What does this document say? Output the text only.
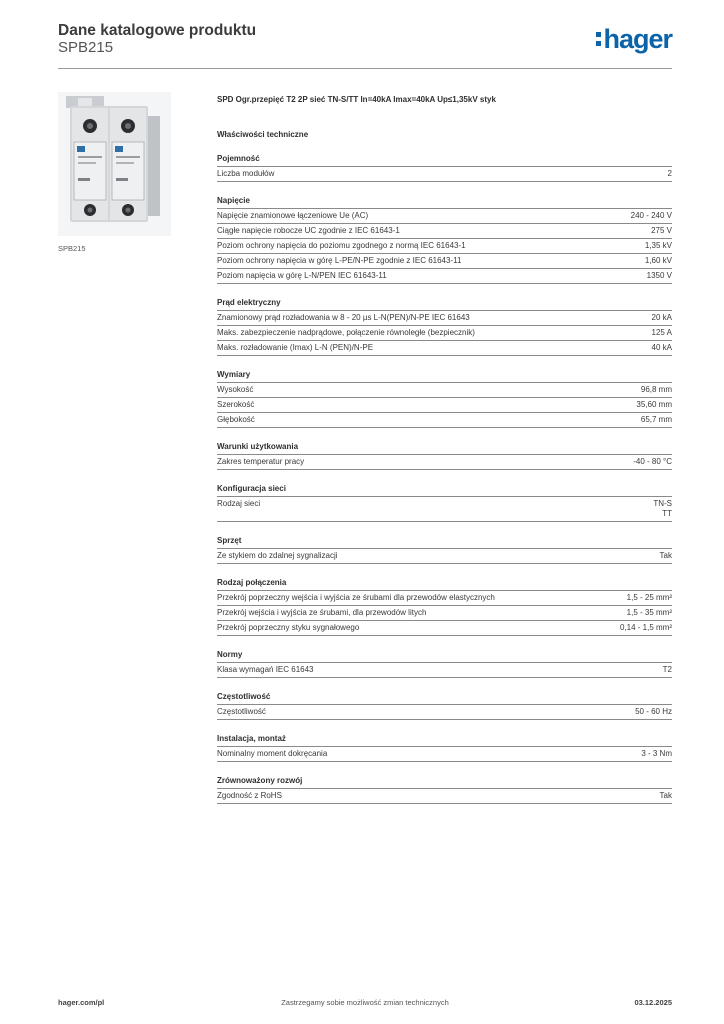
Dane katalogowe produktu
SPB215	hager
SPB215
SPD Ogr.przepięć T2 2P sieć TN-S/TT In=40kA Imax=40kA Up≤1,35kV styk
Właściwości techniczne
Pojemność
Liczba modułów	2
Napięcie
Napięcie znamionowe łączeniowe Ue (AC)	240 - 240 V
Ciągłe napięcie robocze UC zgodnie z IEC 61643-1	275 V
Poziom ochrony napięcia do poziomu zgodnego z normą IEC 61643-1	1,35 kV
Poziom ochrony napięcia w górę L-PE/N-PE zgodnie z IEC 61643-11	1,60 kV
Poziom napięcia w górę L-N/PEN IEC 61643-11	1350 V
Prąd elektryczny
Znamionowy prąd rozładowania w 8 - 20 µs L-N(PEN)/N-PE IEC 61643	20 kA
Maks. zabezpieczenie nadprądowe, połączenie równoległe (bezpiecznik)	125 A
Maks. rozładowanie (Imax) L-N (PEN)/N-PE	40 kA
Wymiary
Wysokość	96,8 mm
Szerokość	35,60 mm
Głębokość	65,7 mm
Warunki użytkowania
Zakres temperatur pracy	-40 - 80 °C
Konfiguracja sieci
Rodzaj sieci	TN-S
TT
Sprzęt
Ze stykiem do zdalnej sygnalizacji	Tak
Rodzaj połączenia
Przekrój poprzeczny wejścia i wyjścia ze śrubami dla przewodów elastycznych	1,5 - 25 mm²
Przekrój wejścia i wyjścia ze śrubami, dla przewodów litych	1,5 - 35 mm²
Przekrój poprzeczny styku sygnałowego	0,14 - 1,5 mm²
Normy
Klasa wymagań IEC 61643	T2
Częstotliwość
Częstotliwość	50 - 60 Hz
Instalacja, montaż
Nominalny moment dokręcania	3 - 3 Nm
Zrównoważony rozwój
Zgodność z RoHS	Tak
hager.com/pl	Zastrzegamy sobie możliwość zmian technicznych	03.12.2025
